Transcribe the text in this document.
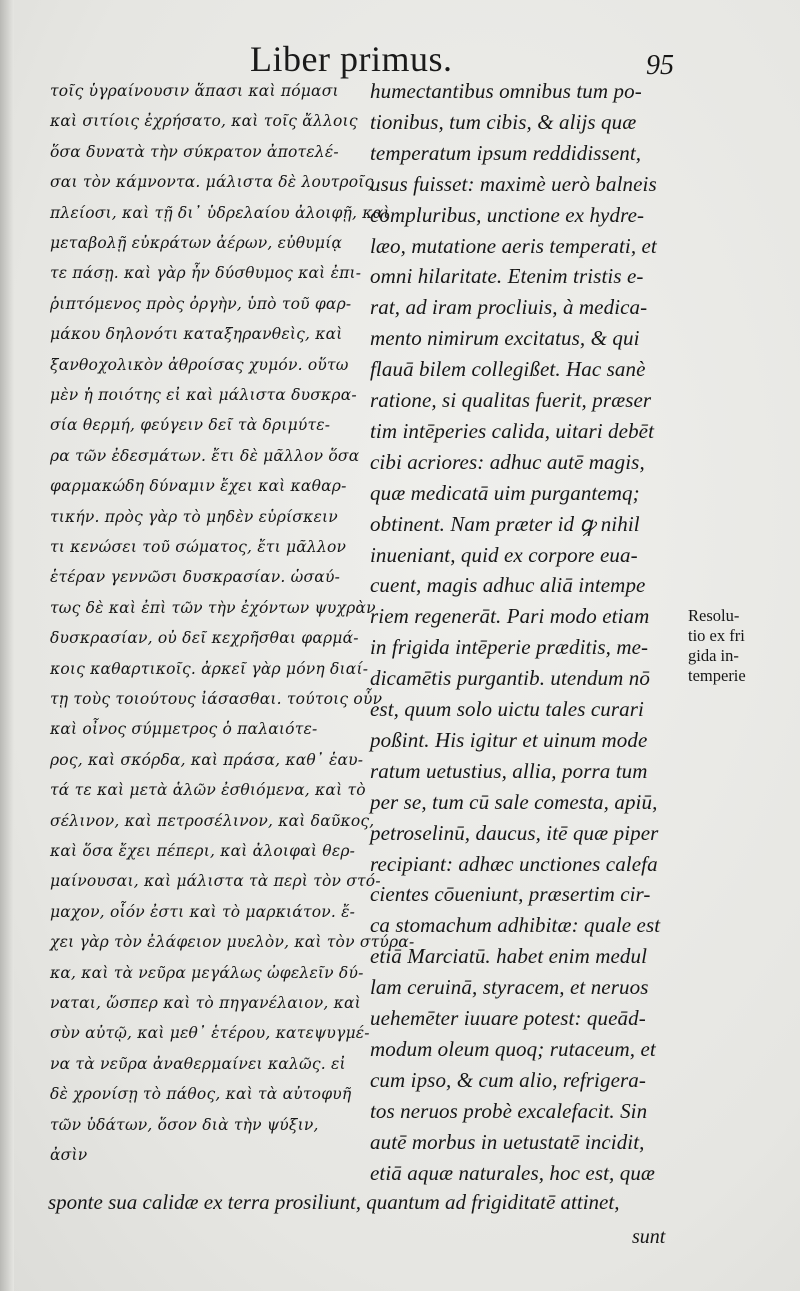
Liber primus.	95
τοῖς ὑγραίνουσιν ἅπασι καὶ πόμασι
καὶ σιτίοις ἐχρήσατο, καὶ τοῖς ἄλλοις
ὅσα δυνατὰ τὴν σύκρατον ἀποτελέ-
σαι τὸν κάμνοντα. μάλιστα δὲ λουτροῖς
πλείοσι, καὶ τῇ δι᾽ ὑδρελαίου ἀλοιφῇ, καὶ
μεταβολῇ εὐκράτων ἀέρων, εὐθυμίᾳ
τε πάσῃ. καὶ γὰρ ἦν δύσθυμος καὶ ἐπι-
ῥιπτόμενος πρὸς ὀργὴν, ὑπὸ τοῦ φαρ-
μάκου δηλονότι καταξηρανθεὶς, καὶ
ξανθοχολικὸν ἀθροίσας χυμόν. οὕτω
μὲν ἡ ποιότης εἰ καὶ μάλιστα δυσκρα-
σία θερμή, φεύγειν δεῖ τὰ δριμύτε-
ρα τῶν ἐδεσμάτων. ἔτι δὲ μᾶλλον ὅσα
φαρμακώδη δύναμιν ἔχει καὶ καθαρ-
τικήν. πρὸς γὰρ τὸ μηδὲν εὑρίσκειν
τι κενώσει τοῦ σώματος, ἔτι μᾶλλον
ἑτέραν γεννῶσι δυσκρασίαν. ὡσαύ-
τως δὲ καὶ ἐπὶ τῶν τὴν ἐχόντων ψυχρὰν
δυσκρασίαν, οὐ δεῖ κεχρῆσθαι φαρμά-
κοις καθαρτικοῖς. ἀρκεῖ γὰρ μόνη διαί-
τῃ τοὺς τοιούτους ἰάσασθαι. τούτοις οὖν
καὶ οἶνος σύμμετρος ὁ παλαιότε-
ρος, καὶ σκόρδα, καὶ πράσα, καθ᾽ ἑαυ-
τά τε καὶ μετὰ ἁλῶν ἐσθιόμενα, καὶ τὸ
σέλινον, καὶ πετροσέλινον, καὶ δαῦκος,
καὶ ὅσα ἔχει πέπερι, καὶ ἀλοιφαὶ θερ-
μαίνουσαι, καὶ μάλιστα τὰ περὶ τὸν στό-
μαχον, οἷόν ἐστι καὶ τὸ μαρκιάτον. ἔ-
χει γὰρ τὸν ἐλάφειον μυελὸν, καὶ τὸν στύρα-
κα, καὶ τὰ νεῦρα μεγάλως ὠφελεῖν δύ-
ναται, ὥσπερ καὶ τὸ πηγανέλαιον, καὶ
σὺν αὐτῷ, καὶ μεθ᾽ ἑτέρου, κατεψυγμέ-
να τὰ νεῦρα ἀναθερμαίνει καλῶς. εἰ
δὲ χρονίσῃ τὸ πάθος, καὶ τὰ αὐτοφυῆ
τῶν ὑδάτων, ὅσον διὰ τὴν ψύξιν,
ἀσὶν
humectantibus omnibus tum po-
tionibus, tum cibis, & alijs quæ
temperatum ipsum reddidissent,
usus fuisset: maximè uerò balneis
compluribus, unctione ex hydre-
læo, mutatione aeris temperati, et
omni hilaritate. Etenim tristis e-
rat, ad iram procliuis, à medica-
mento nimirum excitatus, & qui
flauā bilem collegißet. Hac sanè
ratione, si qualitas fuerit, præser
tim intēperies calida, uitari debēt
cibi acriores: adhuc autē magis,
quæ medicatā uim purgantemq;
obtinent. Nam præter id ꝙ nihil
inueniant, quid ex corpore eua-
cuent, magis adhuc aliā intempe
riem regenerāt. Pari modo etiam
in frigida intēperie præditis, me-
dicamētis purgantib. utendum nō
est, quum solo uictu tales curari
poßint. His igitur et uinum mode
ratum uetustius, allia, porra tum
per se, tum cū sale comesta, apiū,
petroselinū, daucus, itē quæ piper
recipiant: adhæc unctiones calefa
cientes cōueniunt, præsertim cir-
ca stomachum adhibitæ: quale est
etiā Marciatū. habet enim medul
lam ceruinā, styracem, et neruos
uehemēter iuuare potest: queād-
modum oleum quoq; rutaceum, et
cum ipso, & cum alio, refrigera-
tos neruos probè excalefacit. Sin
autē morbus in uetustatē incidit,
etiā aquæ naturales, hoc est, quæ
Resolu-
tio ex fri
gida in-
temperie
sponte sua calidæ ex terra prosiliunt, quantum ad frigiditatē attinet,
sunt
